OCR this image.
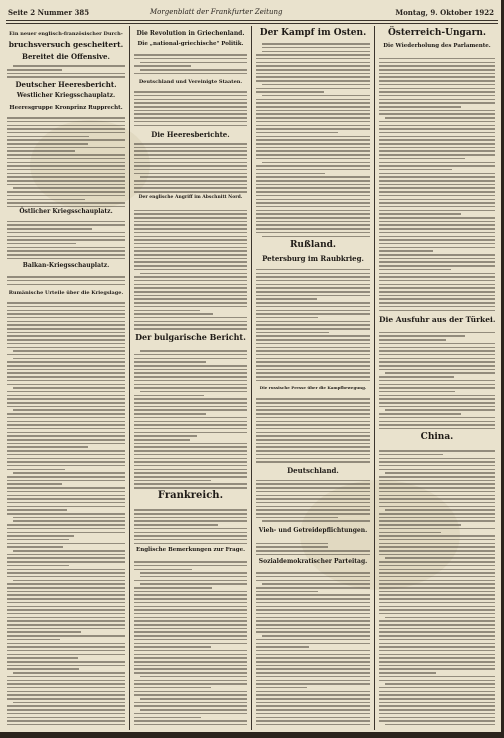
Seite 2 Nummer 385	Morgenblatt der Frankfurter Zeitung	Montag, 9. Oktober 1922
Ein neuer englisch-französischer Durch-
bruchsversuch gescheitert.
Bereitet die Offensive.
Deutscher Heeresbericht.
Westlicher Kriegsschauplatz.
Heeresgruppe Kronprinz Rupprecht.
Östlicher Kriegsschauplatz.
Balkan-Kriegsschauplatz.
Rumänische Urteile über die Kriegslage.
Die Revolution in Griechenland.
Die „national-griechische" Politik.
Deutschland und Vereinigte Staaten.
Die Heeresberichte.
Der englische Angriff im Abschnitt Nord.
Der bulgarische Bericht.
Frankreich.
Englische Bemerkungen zur Frage.
Der Kampf im Osten.
Rußland.
Petersburg im Raubkrieg.
Die russische Presse über die Kampfbewegung.
Deutschland.
Vieh- und Getreidepflichtungen.
Sozialdemokratischer Parteitag.
Österreich-Ungarn.
Die Wiederholung des Parlamente.
Die Ausfuhr aus der Türkei.
China.
